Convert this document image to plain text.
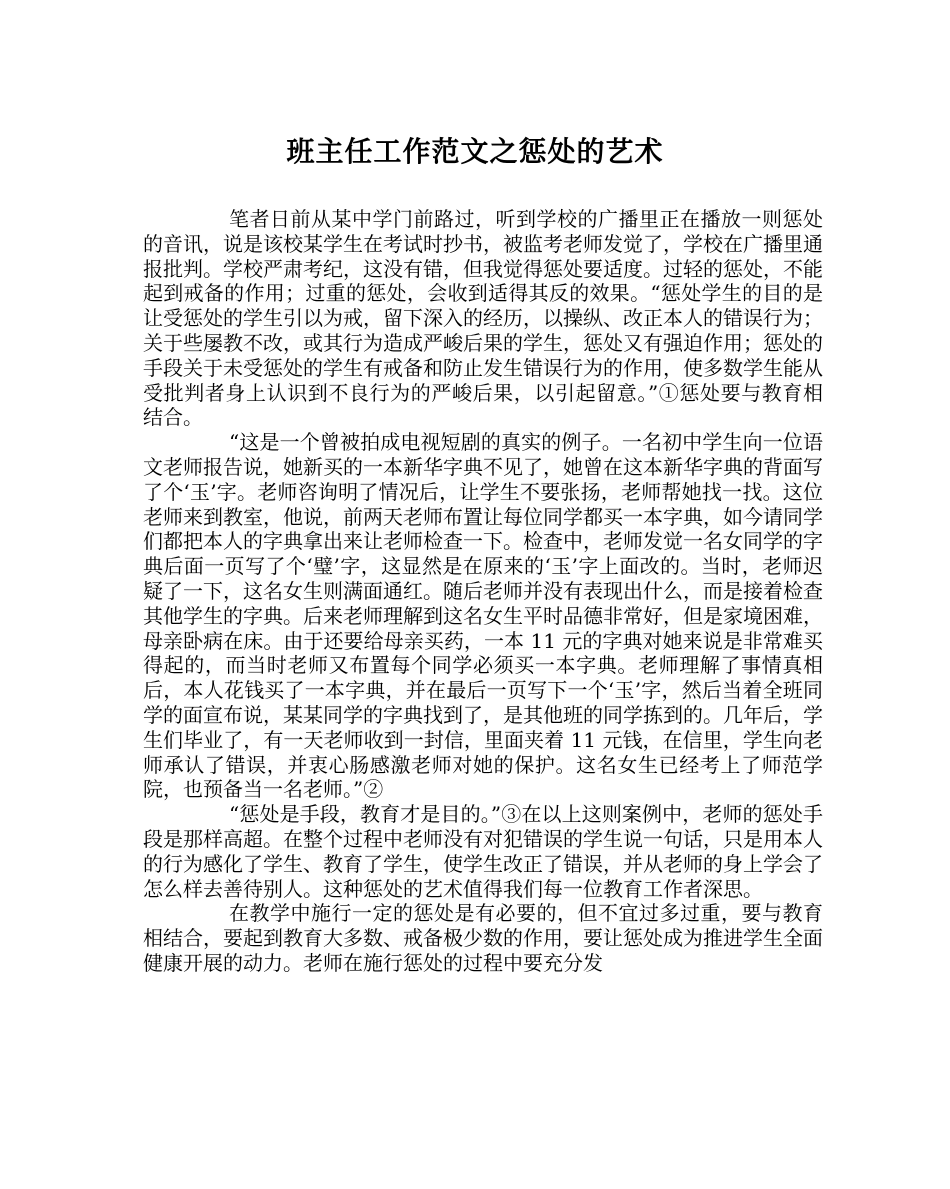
班主任工作范文之惩处的艺术

笔者日前从某中学门前路过，听到学校的广播里正在播放一则惩处的音讯，说是该校某学生在考试时抄书，被监考老师发觉了，学校在广播里通报批判。学校严肃考纪，这没有错，但我觉得惩处要适度。过轻的惩处，不能起到戒备的作用；过重的惩处，会收到适得其反的效果。“惩处学生的目的是让受惩处的学生引以为戒，留下深入的经历，以操纵、改正本人的错误行为；关于些屡教不改，或其行为造成严峻后果的学生，惩处又有强迫作用；惩处的手段关于未受惩处的学生有戒备和防止发生错误行为的作用，使多数学生能从受批判者身上认识到不良行为的严峻后果，以引起留意。”①惩处要与教育相结合。

“这是一个曾被拍成电视短剧的真实的例子。一名初中学生向一位语文老师报告说，她新买的一本新华字典不见了，她曾在这本新华字典的背面写了个‘玉’字。老师咨询明了情况后，让学生不要张扬，老师帮她找一找。这位老师来到教室，他说，前两天老师布置让每位同学都买一本字典，如今请同学们都把本人的字典拿出来让老师检查一下。检查中，老师发觉一名女同学的字典后面一页写了个‘璧’字，这显然是在原来的‘玉’字上面改的。当时，老师迟疑了一下，这名女生则满面通红。随后老师并没有表现出什么，而是接着检查其他学生的字典。后来老师理解到这名女生平时品德非常好，但是家境困难，母亲卧病在床。由于还要给母亲买药，一本 11 元的字典对她来说是非常难买得起的，而当时老师又布置每个同学必须买一本字典。老师理解了事情真相后，本人花钱买了一本字典，并在最后一页写下一个‘玉’字，然后当着全班同学的面宣布说，某某同学的字典找到了，是其他班的同学拣到的。几年后，学生们毕业了，有一天老师收到一封信，里面夹着 11 元钱，在信里，学生向老师承认了错误，并衷心肠感激老师对她的保护。这名女生已经考上了师范学院，也预备当一名老师。”②

“惩处是手段，教育才是目的。”③在以上这则案例中，老师的惩处手段是那样高超。在整个过程中老师没有对犯错误的学生说一句话，只是用本人的行为感化了学生、教育了学生，使学生改正了错误，并从老师的身上学会了怎么样去善待别人。这种惩处的艺术值得我们每一位教育工作者深思。

在教学中施行一定的惩处是有必要的，但不宜过多过重，要与教育相结合，要起到教育大多数、戒备极少数的作用，要让惩处成为推进学生全面健康开展的动力。老师在施行惩处的过程中要充分发
